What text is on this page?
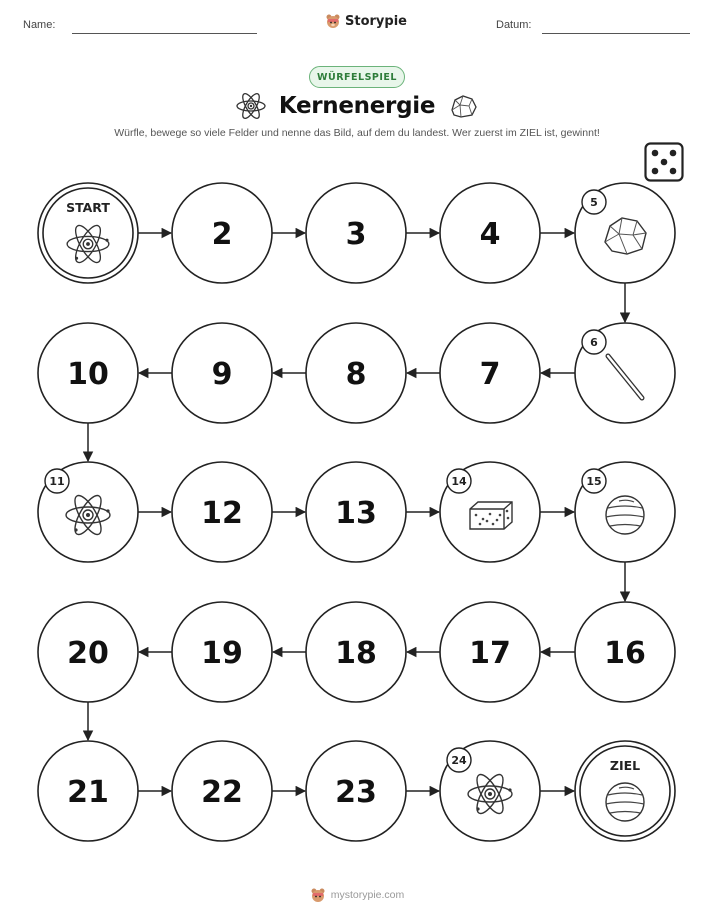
Name:	Storypie	Datum:
WÜRFELSPIEL
Kernenergie
Würfle, bewege so viele Felder und nenne das Bild, auf dem du landest. Wer zuerst im ZIEL ist, gewinnt!
START
2	3	4
5
6
7
8
9
10
11
12	13
14	15
16
17
18
19
20
21	22	23
24	ZIEL
mystorypie.com
